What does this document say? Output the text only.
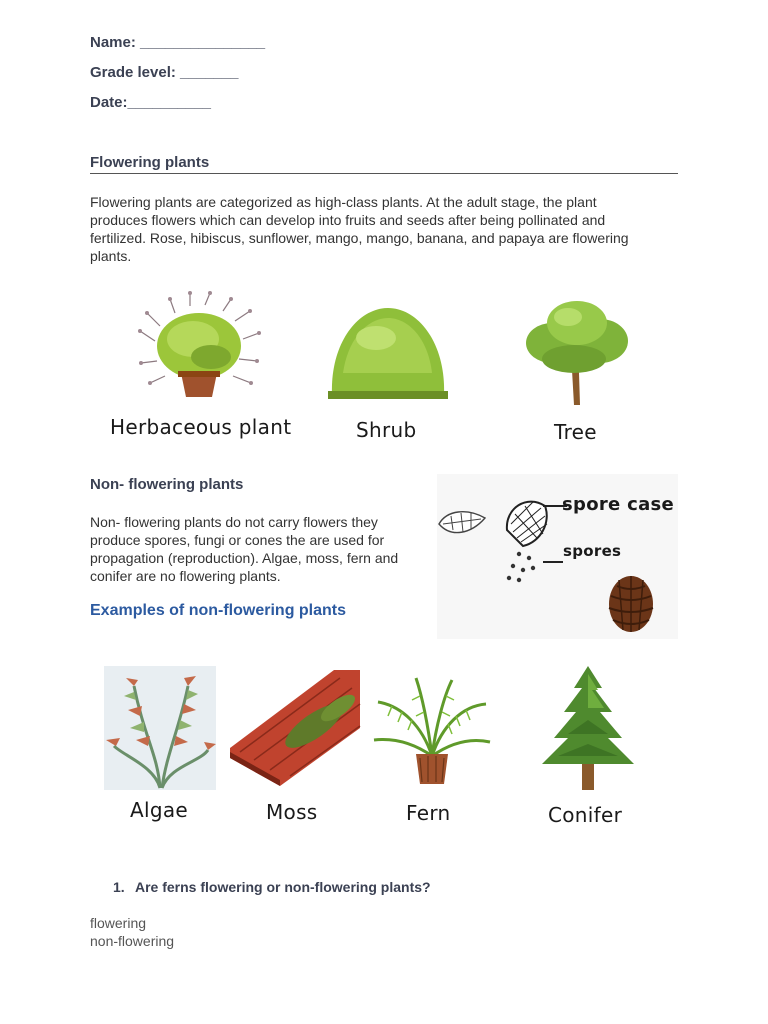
Name: _______________
Grade level: _______
Date:__________
Flowering plants
Flowering plants are categorized as high-class plants. At the adult stage, the plant
produces flowers which can develop into fruits and seeds after being pollinated and
fertilized. Rose, hibiscus, sunflower, mango, mango, banana, and papaya are flowering
plants.
Herbaceous plant	Shrub	Tree
Non- flowering plants
Non- flowering plants do not carry flowers they
produce spores, fungi or cones the are used for
propagation (reproduction). Algae, moss, fern and
conifer are no flowering plants.
spore case
spores
Examples of non-flowering plants
Algae	Moss	Fern	Conifer
1. Are ferns flowering or non-flowering plants?
flowering
non-flowering
